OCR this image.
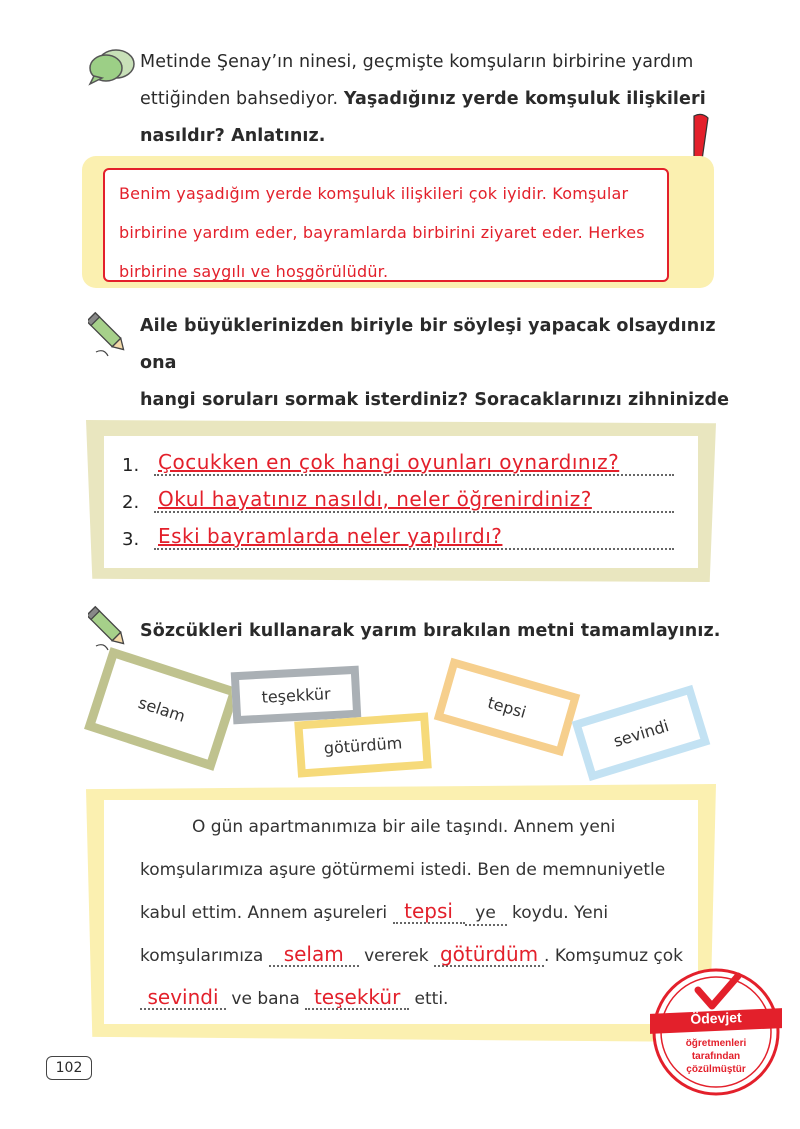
Metinde Şenay’ın ninesi, geçmişte komşuların birbirine yardım
ettiğinden bahsediyor. Yaşadığınız yerde komşuluk ilişkileri
nasıldır? Anlatınız.
Benim yaşadığım yerde komşuluk ilişkileri çok iyidir. Komşular
birbirine yardım eder, bayramlarda birbirini ziyaret eder. Herkes
birbirine saygılı ve hoşgörülüdür.
Aile büyüklerinizden biriyle bir söyleşi yapacak olsaydınız ona
hangi soruları sormak isterdiniz? Soracaklarınızı zihninizde
1. Çocukken en çok hangi oyunları oynardınız?
2. Okul hayatınız nasıldı, neler öğrenirdiniz?
3. Eski bayramlarda neler yapılırdı?
Sözcükleri kullanarak yarım bırakılan metni tamamlayınız.
selam	teşekkür
götürdüm
tepsi
sevindi
O gün apartmanımıza bir aile taşındı. Annem yeni
komşularımıza aşure götürmemi istedi. Ben de memnuniyetle
kabul ettim. Annem aşureleri tepsi ye koydu. Yeni
komşularımıza selam vererek götürdüm . Komşumuz çok
sevindi ve bana teşekkür etti.
102
Ödevjet
öğretmenleri
tarafından
çözülmüştür
